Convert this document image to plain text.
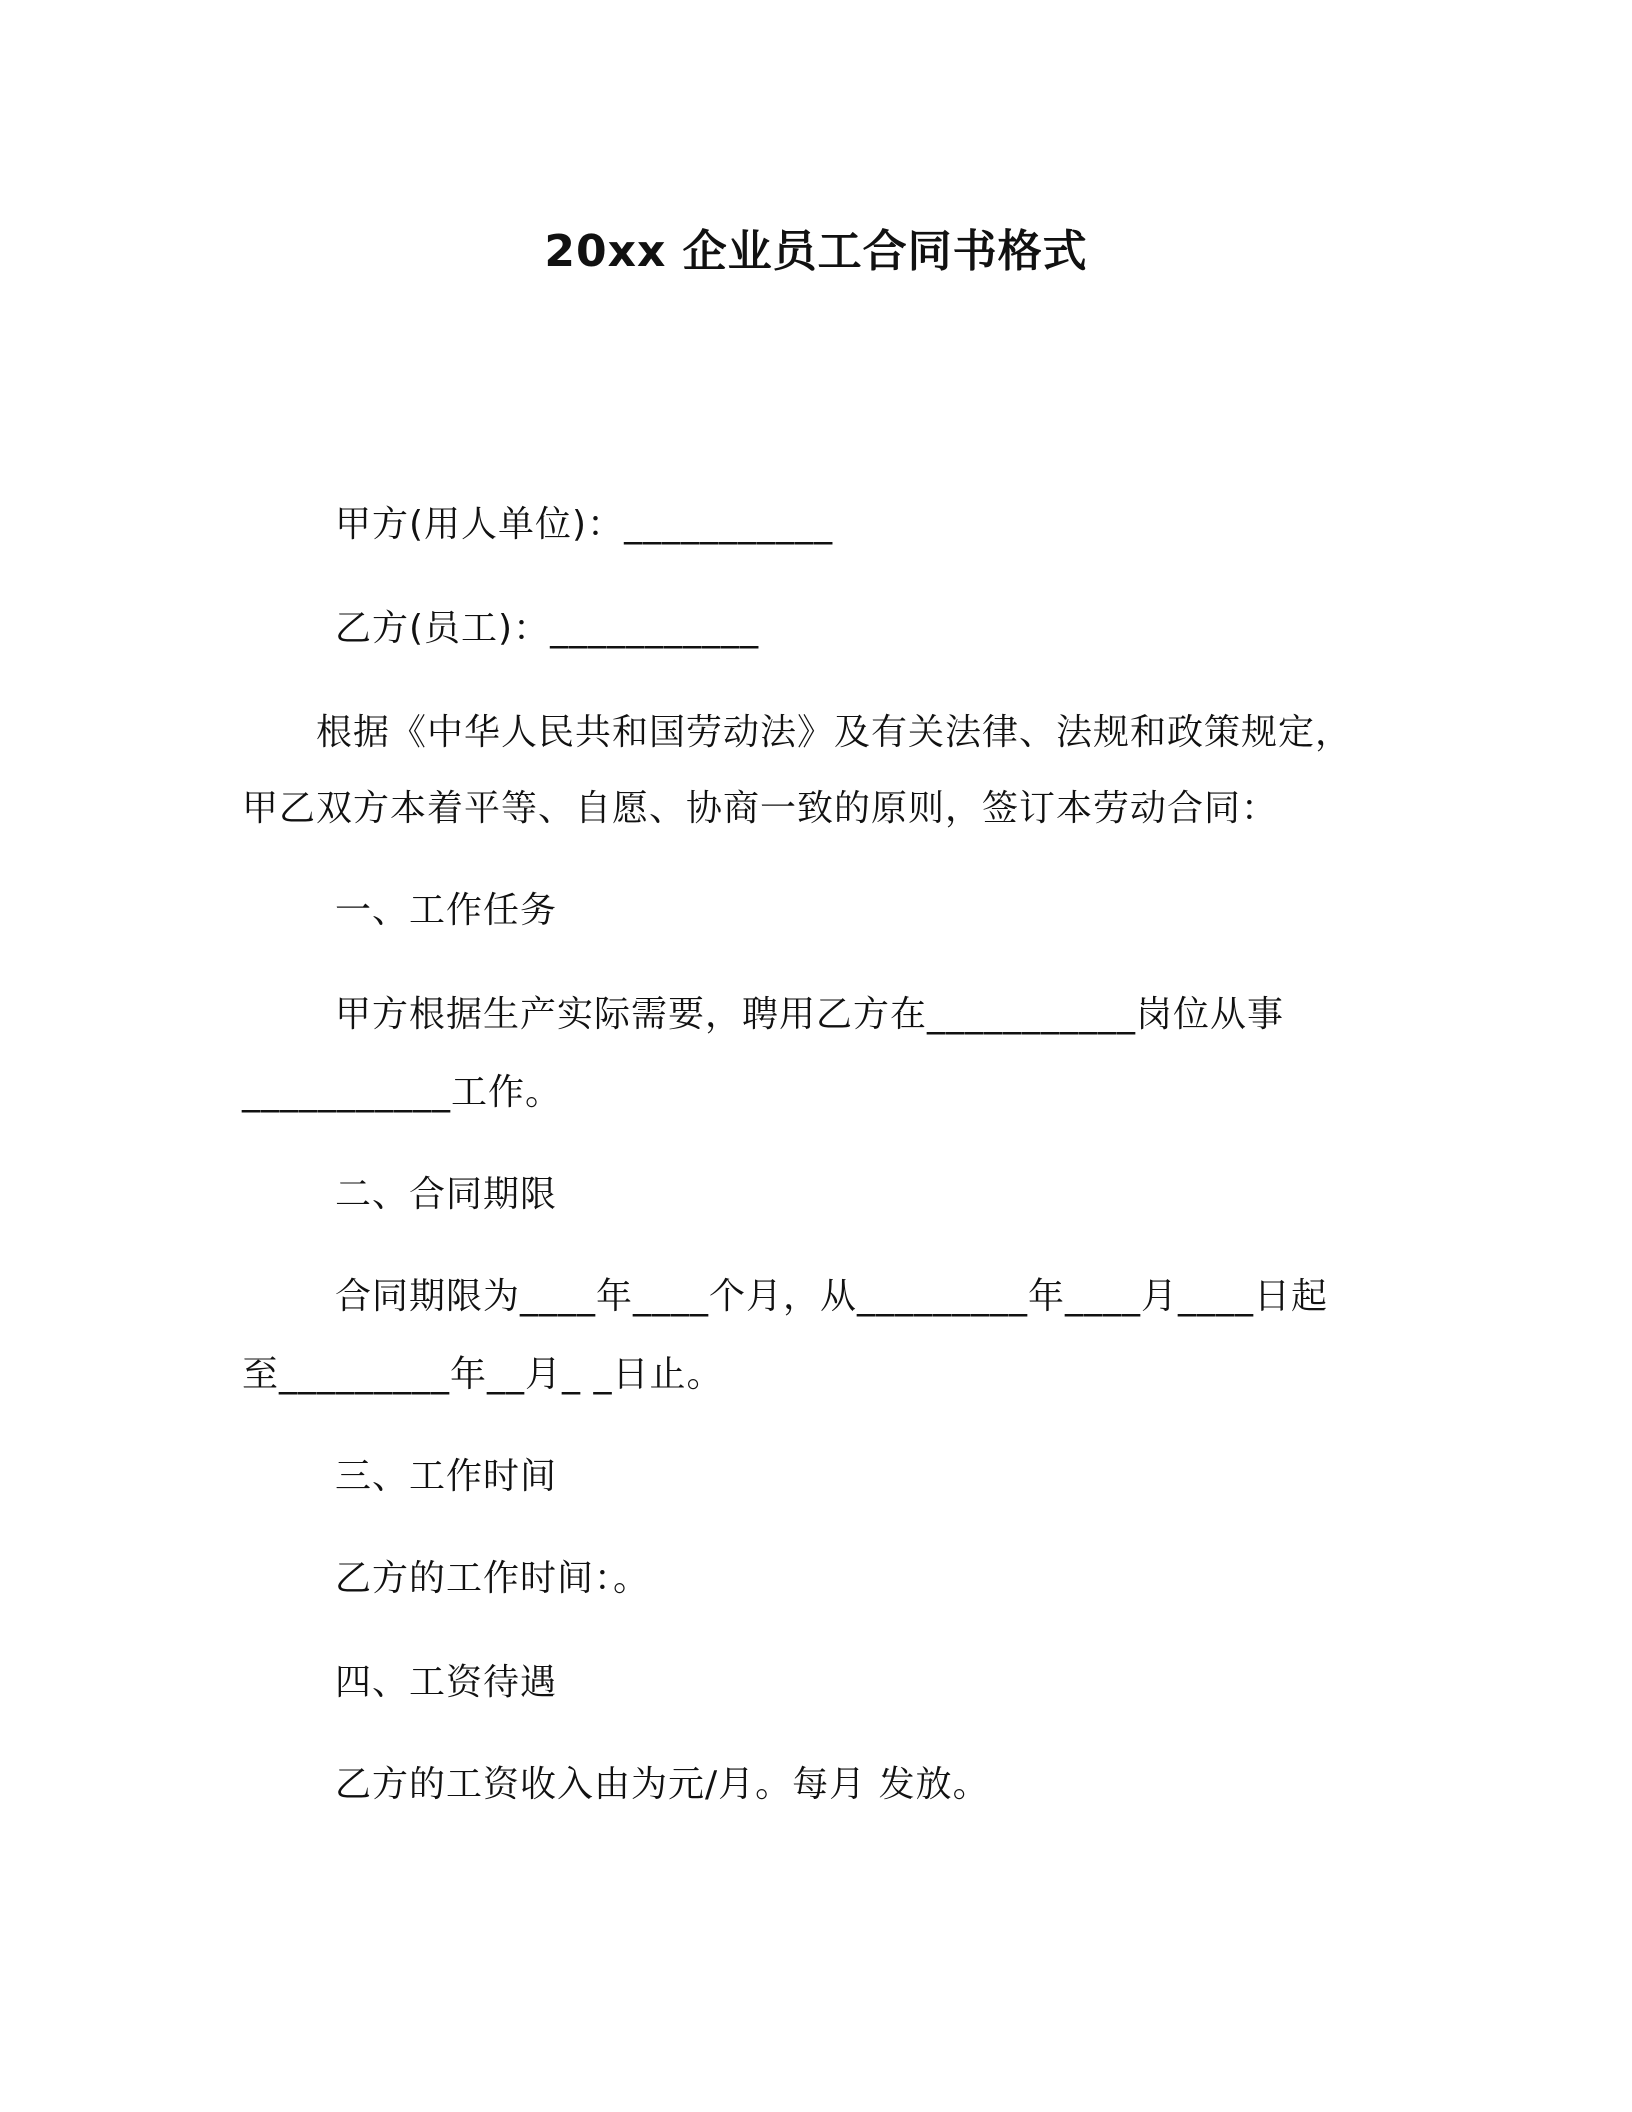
20xx 企业员工合同书格式
甲方(用人单位)：___________
乙方(员工)：___________
根据《中华人民共和国劳动法》及有关法律、法规和政策规定，
甲乙双方本着平等、自愿、协商一致的原则，签订本劳动合同：
一、工作任务
甲方根据生产实际需要，聘用乙方在___________岗位从事
___________工作。
二、合同期限
合同期限为____年____个月，从_________年____月____日起
至_________年__月_ _日止。
三、工作时间
乙方的工作时间：。
四、工资待遇
乙方的工资收入由为元/月。每月 发放。
